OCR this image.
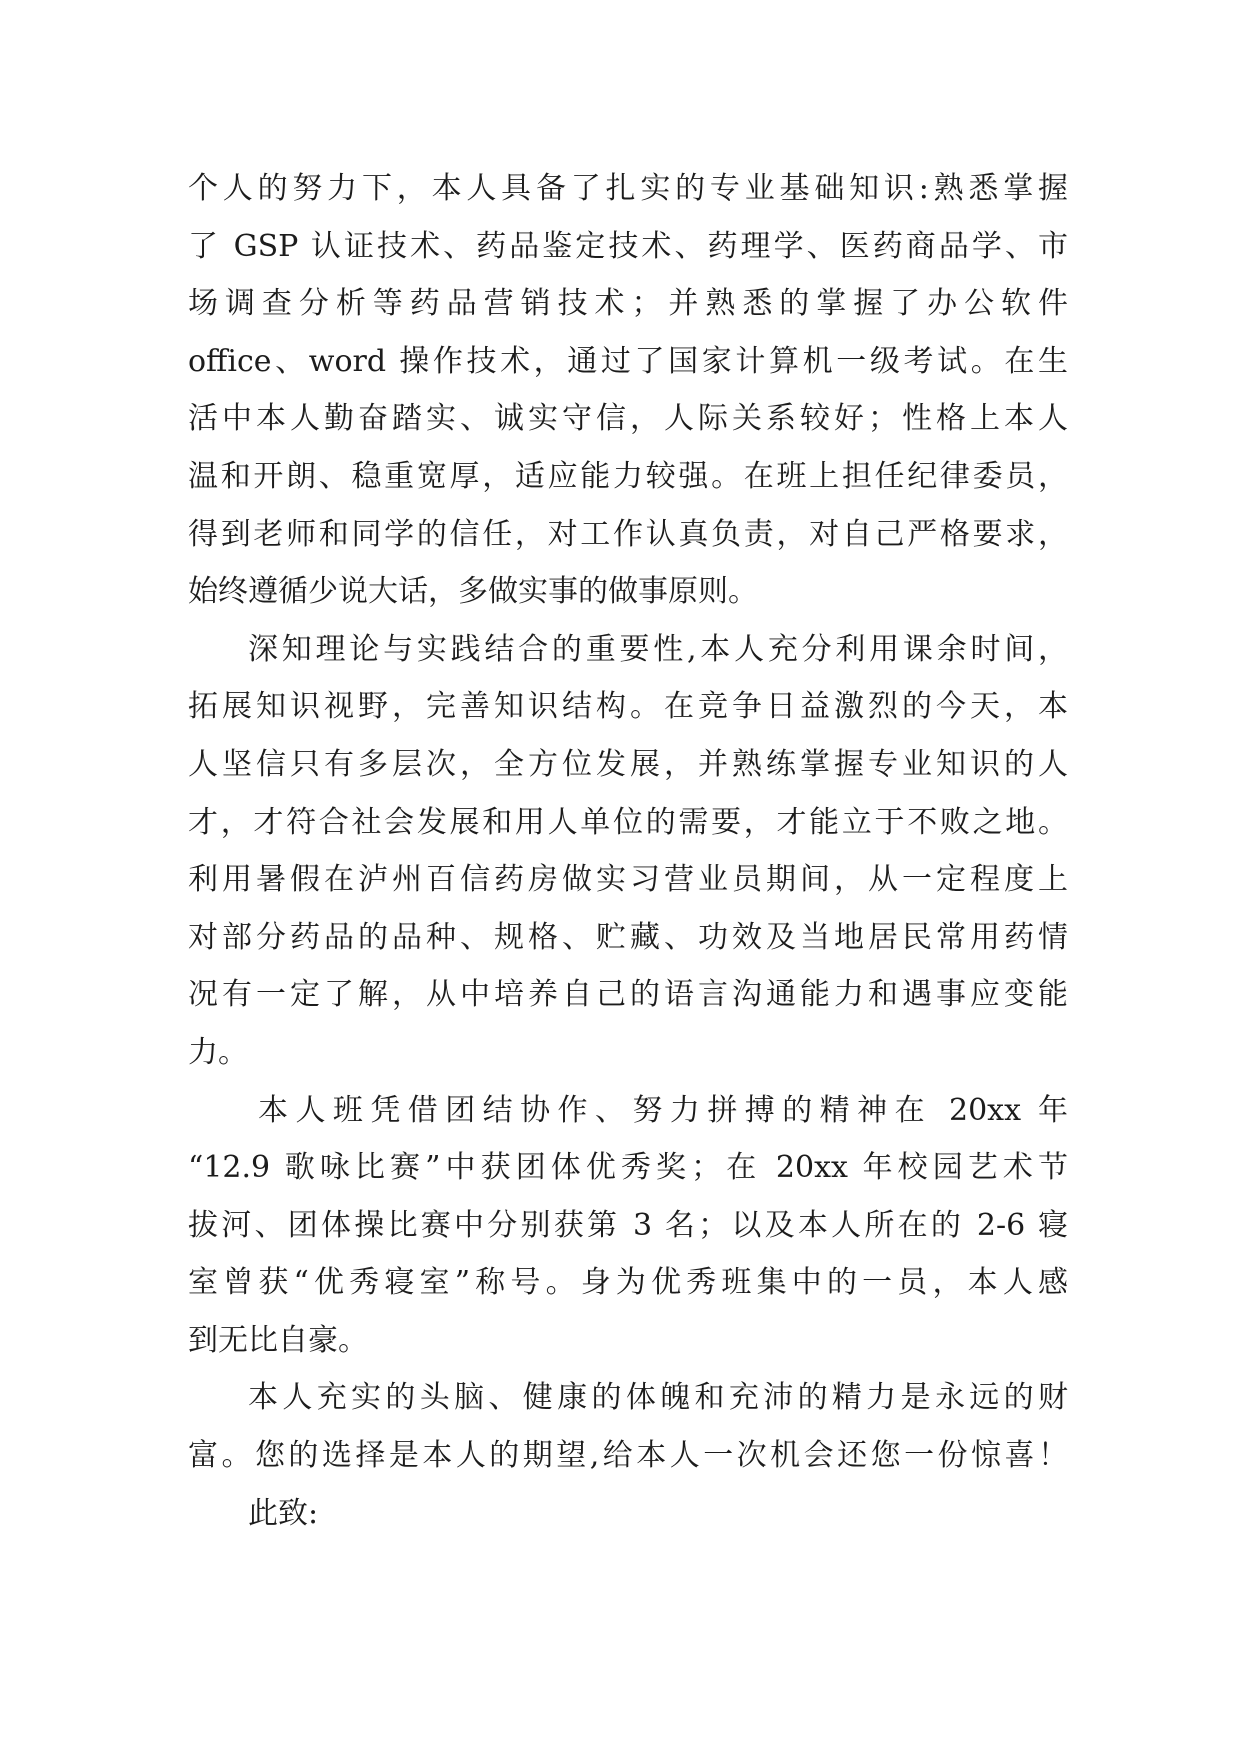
个人的努力下，本人具备了扎实的专业基础知识:熟悉掌握
了 GSP 认证技术、药品鉴定技术、药理学、医药商品学、市
场调查分析等药品营销技术；并熟悉的掌握了办公软件
office、word 操作技术，通过了国家计算机一级考试。在生
活中本人勤奋踏实、诚实守信，人际关系较好；性格上本人
温和开朗、稳重宽厚，适应能力较强。在班上担任纪律委员，
得到老师和同学的信任，对工作认真负责，对自己严格要求，
始终遵循少说大话，多做实事的做事原则。
深知理论与实践结合的重要性,本人充分利用课余时间，
拓展知识视野，完善知识结构。在竞争日益激烈的今天，本
人坚信只有多层次，全方位发展，并熟练掌握专业知识的人
才，才符合社会发展和用人单位的需要，才能立于不败之地。
利用暑假在泸州百信药房做实习营业员期间，从一定程度上
对部分药品的品种、规格、贮藏、功效及当地居民常用药情
况有一定了解，从中培养自己的语言沟通能力和遇事应变能
力。
本人班凭借团结协作、努力拼搏的精神在 20xx 年
“12.9 歌咏比赛”中获团体优秀奖；在 20xx 年校园艺术节
拔河、团体操比赛中分别获第 3 名；以及本人所在的 2-6 寝
室曾获“优秀寝室”称号。身为优秀班集中的一员，本人感
到无比自豪。
本人充实的头脑、健康的体魄和充沛的精力是永远的财
富。您的选择是本人的期望,给本人一次机会还您一份惊喜！
此致:
